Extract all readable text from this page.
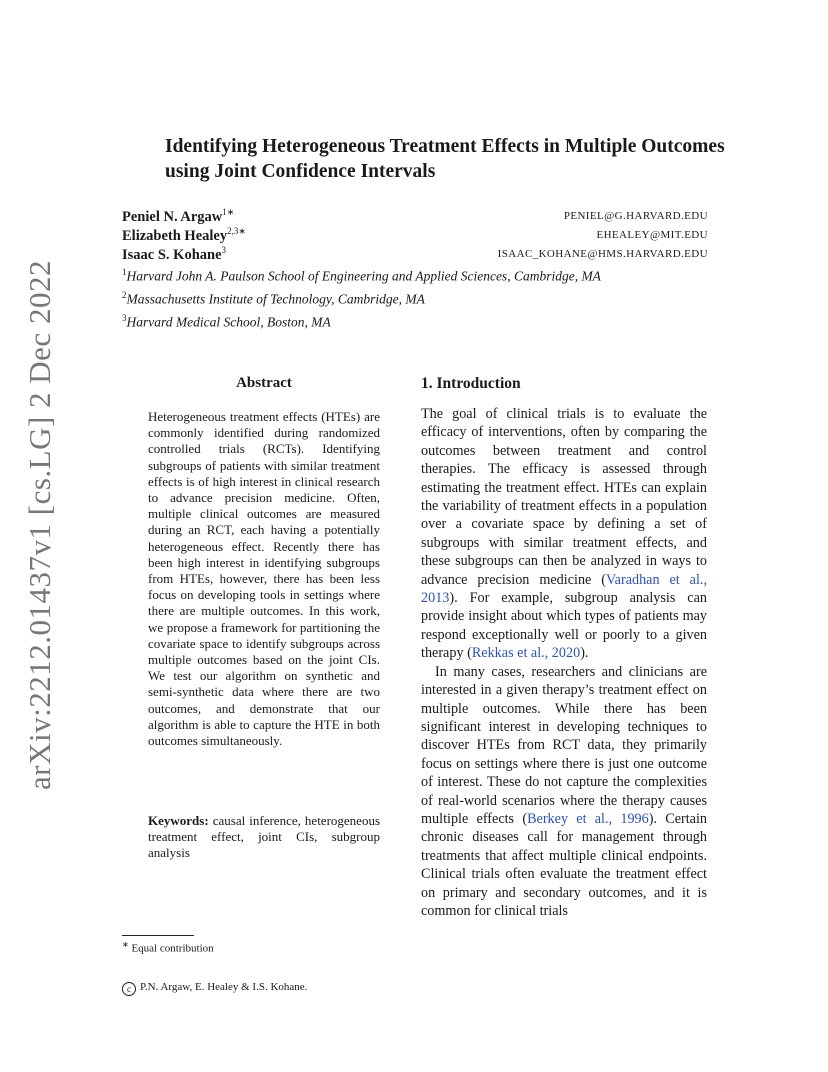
arXiv:2212.01437v1 [cs.LG] 2 Dec 2022
Identifying Heterogeneous Treatment Effects in Multiple Outcomes using Joint Confidence Intervals
Peniel N. Argaw$^{1∗}$	PENIEL@G.HARVARD.EDU
Elizabeth Healey$^{2,3∗}$	EHEALEY@MIT.EDU
Isaac S. Kohane$^3$	ISAAC_KOHANE@HMS.HARVARD.EDU
$^1$Harvard John A. Paulson School of Engineering and Applied Sciences, Cambridge, MA
$^2$Massachusetts Institute of Technology, Cambridge, MA
$^3$Harvard Medical School, Boston, MA
Abstract

Heterogeneous treatment effects (HTEs) are commonly identified during randomized controlled trials (RCTs). Identifying subgroups of patients with similar treatment effects is of high interest in clinical research to advance precision medicine. Often, multiple clinical outcomes are measured during an RCT, each having a potentially heterogeneous effect. Recently there has been high interest in identifying subgroups from HTEs, however, there has been less focus on developing tools in settings where there are multiple outcomes. In this work, we propose a framework for partitioning the covariate space to identify subgroups across multiple outcomes based on the joint CIs. We test our algorithm on synthetic and semi-synthetic data where there are two outcomes, and demonstrate that our algorithm is able to capture the HTE in both outcomes simultaneously.

Keywords: causal inference, heterogeneous treatment effect, joint CIs, subgroup analysis

∗ Equal contribution
c P.N. Argaw, E. Healey & I.S. Kohane.
1. Introduction

The goal of clinical trials is to evaluate the efficacy of interventions, often by comparing the outcomes between treatment and control therapies. The efficacy is assessed through estimating the treatment effect. HTEs can explain the variability of treatment effects in a population over a covariate space by defining a set of subgroups with similar treatment effects, and these subgroups can then be analyzed in ways to advance precision medicine (Varadhan et al., 2013). For example, subgroup analysis can provide insight about which types of patients may respond exceptionally well or poorly to a given therapy (Rekkas et al., 2020).

In many cases, researchers and clinicians are interested in a given therapy’s treatment effect on multiple outcomes. While there has been significant interest in developing techniques to discover HTEs from RCT data, they primarily focus on settings where there is just one outcome of interest. These do not capture the complexities of real-world scenarios where the therapy causes multiple effects (Berkey et al., 1996). Certain chronic diseases call for management through treatments that affect multiple clinical endpoints. Clinical trials often evaluate the treatment effect on primary and secondary outcomes, and it is common for clinical trials
